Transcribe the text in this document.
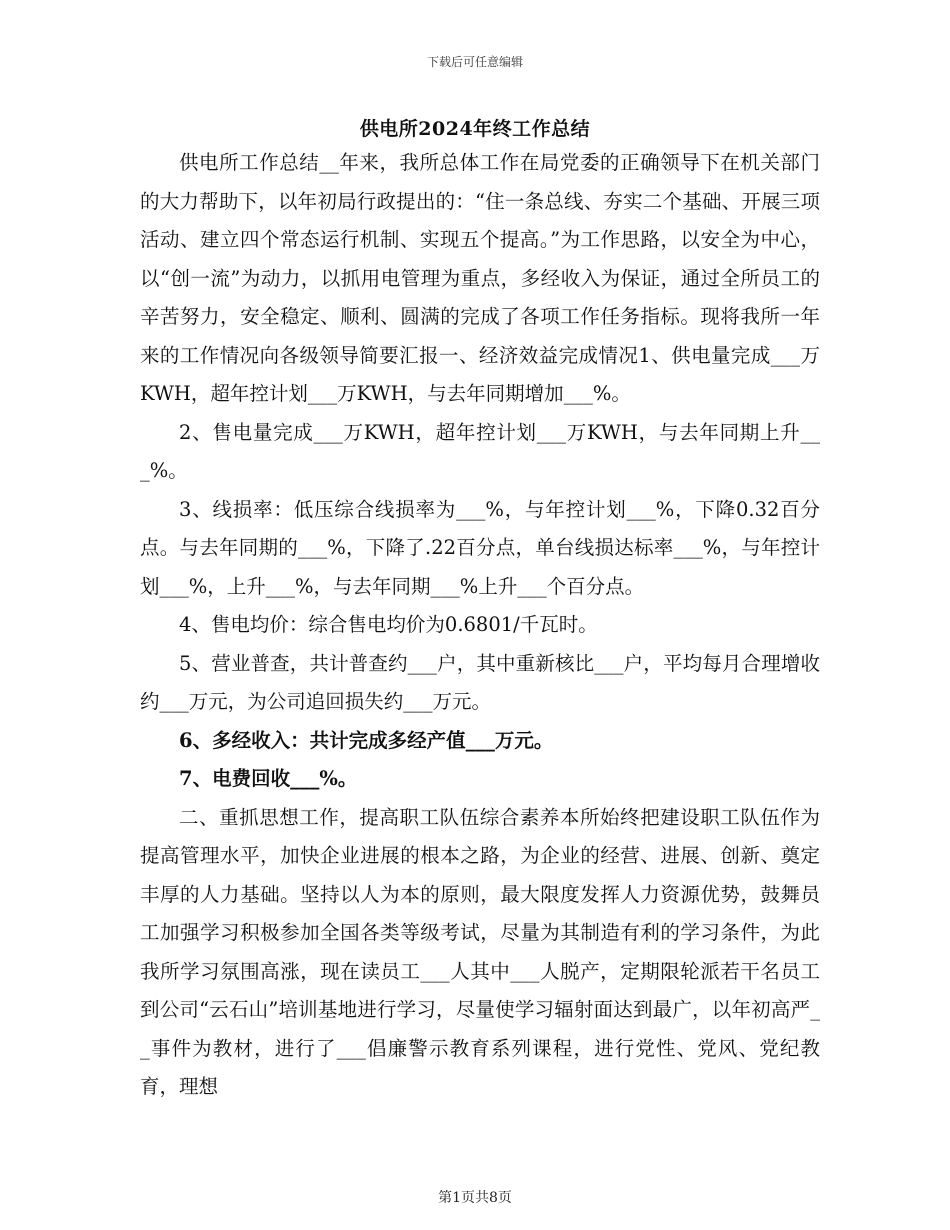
下载后可任意编辑
供电所2024年终工作总结

供电所工作总结__年来，我所总体工作在局党委的正确领导下在机关部门的大力帮助下，以年初局行政提出的：“住一条总线、夯实二个基础、开展三项活动、建立四个常态运行机制、实现五个提高。”为工作思路，以安全为中心，以“创一流”为动力，以抓用电管理为重点，多经收入为保证，通过全所员工的辛苦努力，安全稳定、顺利、圆满的完成了各项工作任务指标。现将我所一年来的工作情况向各级领导简要汇报一、经济效益完成情况1、供电量完成___万KWH，超年控计划___万KWH，与去年同期增加___%。

2、售电量完成___万KWH，超年控计划___万KWH，与去年同期上升___%。

3、线损率：低压综合线损率为___%，与年控计划___%，下降0.32百分点。与去年同期的___%，下降了.22百分点，单台线损达标率___%，与年控计划___%，上升___%，与去年同期___%上升___个百分点。

4、售电均价：综合售电均价为0.6801/千瓦时。

5、营业普查，共计普查约___户，其中重新核比___户，平均每月合理增收约___万元，为公司追回损失约___万元。

6、多经收入：共计完成多经产值___万元。

7、电费回收___%。

二、重抓思想工作，提高职工队伍综合素养本所始终把建设职工队伍作为提高管理水平，加快企业进展的根本之路，为企业的经营、进展、创新、奠定丰厚的人力基础。坚持以人为本的原则，最大限度发挥人力资源优势，鼓舞员工加强学习积极参加全国各类等级考试，尽量为其制造有利的学习条件，为此我所学习氛围高涨，现在读员工___人其中___人脱产，定期限轮派若干名员工到公司“云石山”培训基地进行学习，尽量使学习辐射面达到最广，以年初高严__事件为教材，进行了___倡廉警示教育系列课程，进行党性、党风、党纪教育，理想

第1页共8页
